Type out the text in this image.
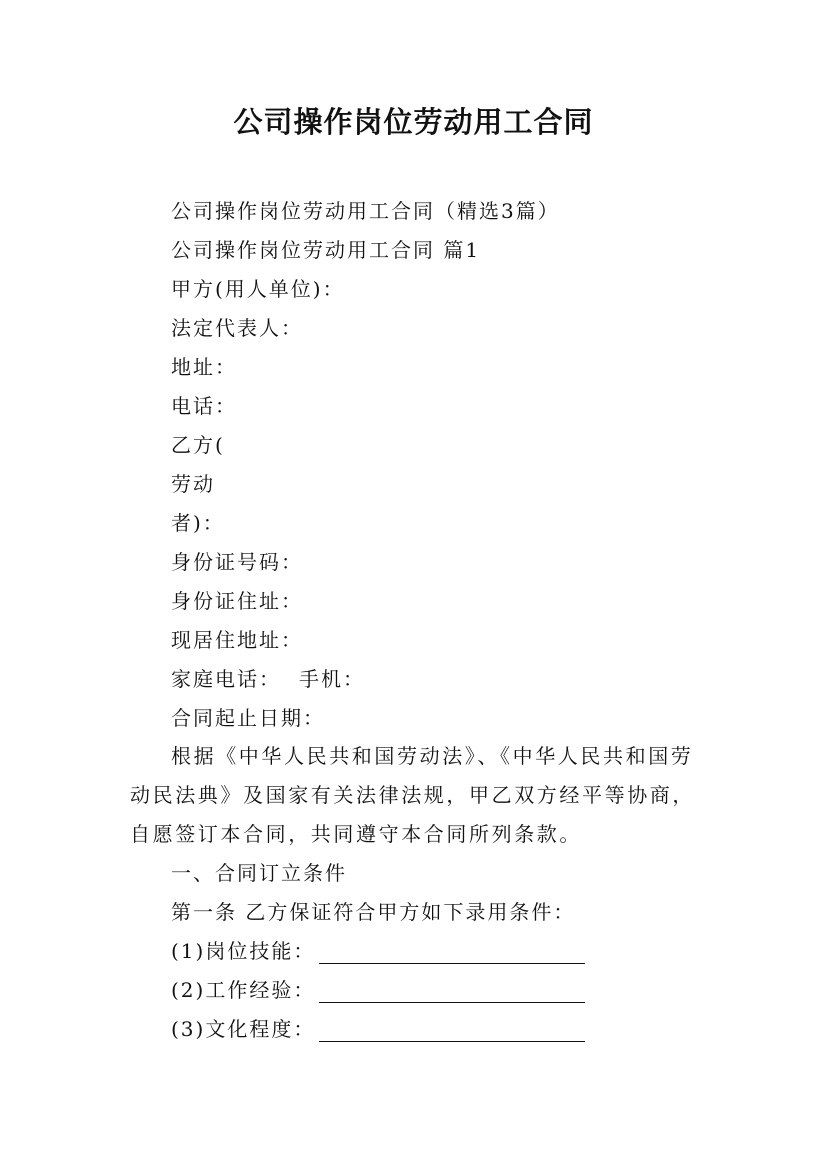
公司操作岗位劳动用工合同
公司操作岗位劳动用工合同（精选3篇）
公司操作岗位劳动用工合同 篇1
甲方(用人单位)：
法定代表人：
地址：
电话：
乙方(
劳动
者)：
身份证号码：
身份证住址：
现居住地址：
家庭电话： 手机：
合同起止日期：
根据《中华人民共和国劳动法》、《中华人民共和国劳动民法典》及国家有关法律法规，甲乙双方经平等协商，自愿签订本合同，共同遵守本合同所列条款。
一、合同订立条件
第一条 乙方保证符合甲方如下录用条件：
(1)岗位技能：
(2)工作经验：
(3)文化程度：
